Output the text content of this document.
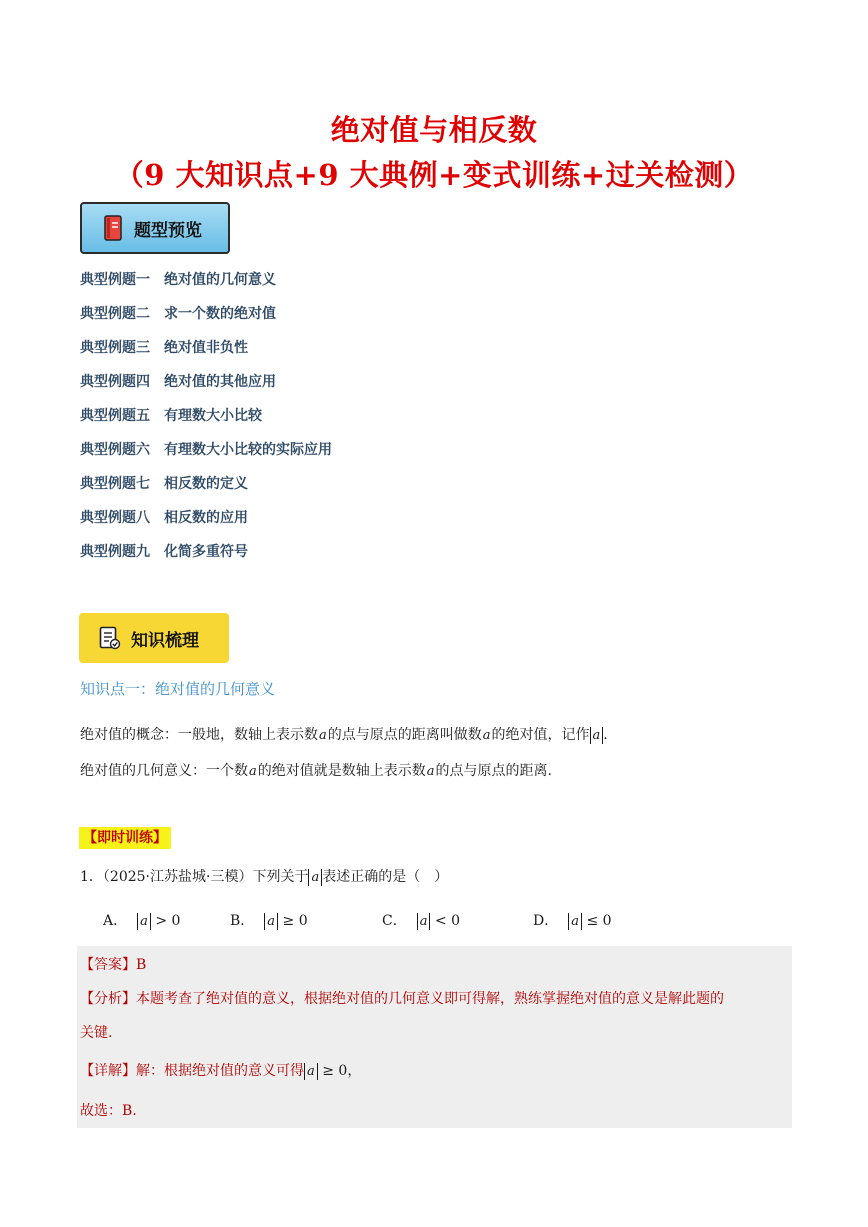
绝对值与相反数
（9 大知识点+9 大典例+变式训练+过关检测）
题型预览
典型例题一 绝对值的几何意义
典型例题二 求一个数的绝对值
典型例题三 绝对值非负性
典型例题四 绝对值的其他应用
典型例题五 有理数大小比较
典型例题六 有理数大小比较的实际应用
典型例题七 相反数的定义
典型例题八 相反数的应用
典型例题九 化简多重符号
知识梳理
知识点一：绝对值的几何意义
绝对值的概念：一般地，数轴上表示数a的点与原点的距离叫做数a的绝对值，记作 a .
绝对值的几何意义：一个数a的绝对值就是数轴上表示数a的点与原点的距离.
【即时训练】
1．（2025·江苏盐城·三模）下列关于 a 表述正确的是（　）
A． a > 0	B． a ≥ 0	C． a < 0	D． a ≤ 0
【答案】B
【分析】本题考查了绝对值的意义，根据绝对值的几何意义即可得解，熟练掌握绝对值的意义是解此题的
关键.
【详解】解：根据绝对值的意义可得 a ≥ 0，
故选：B.
